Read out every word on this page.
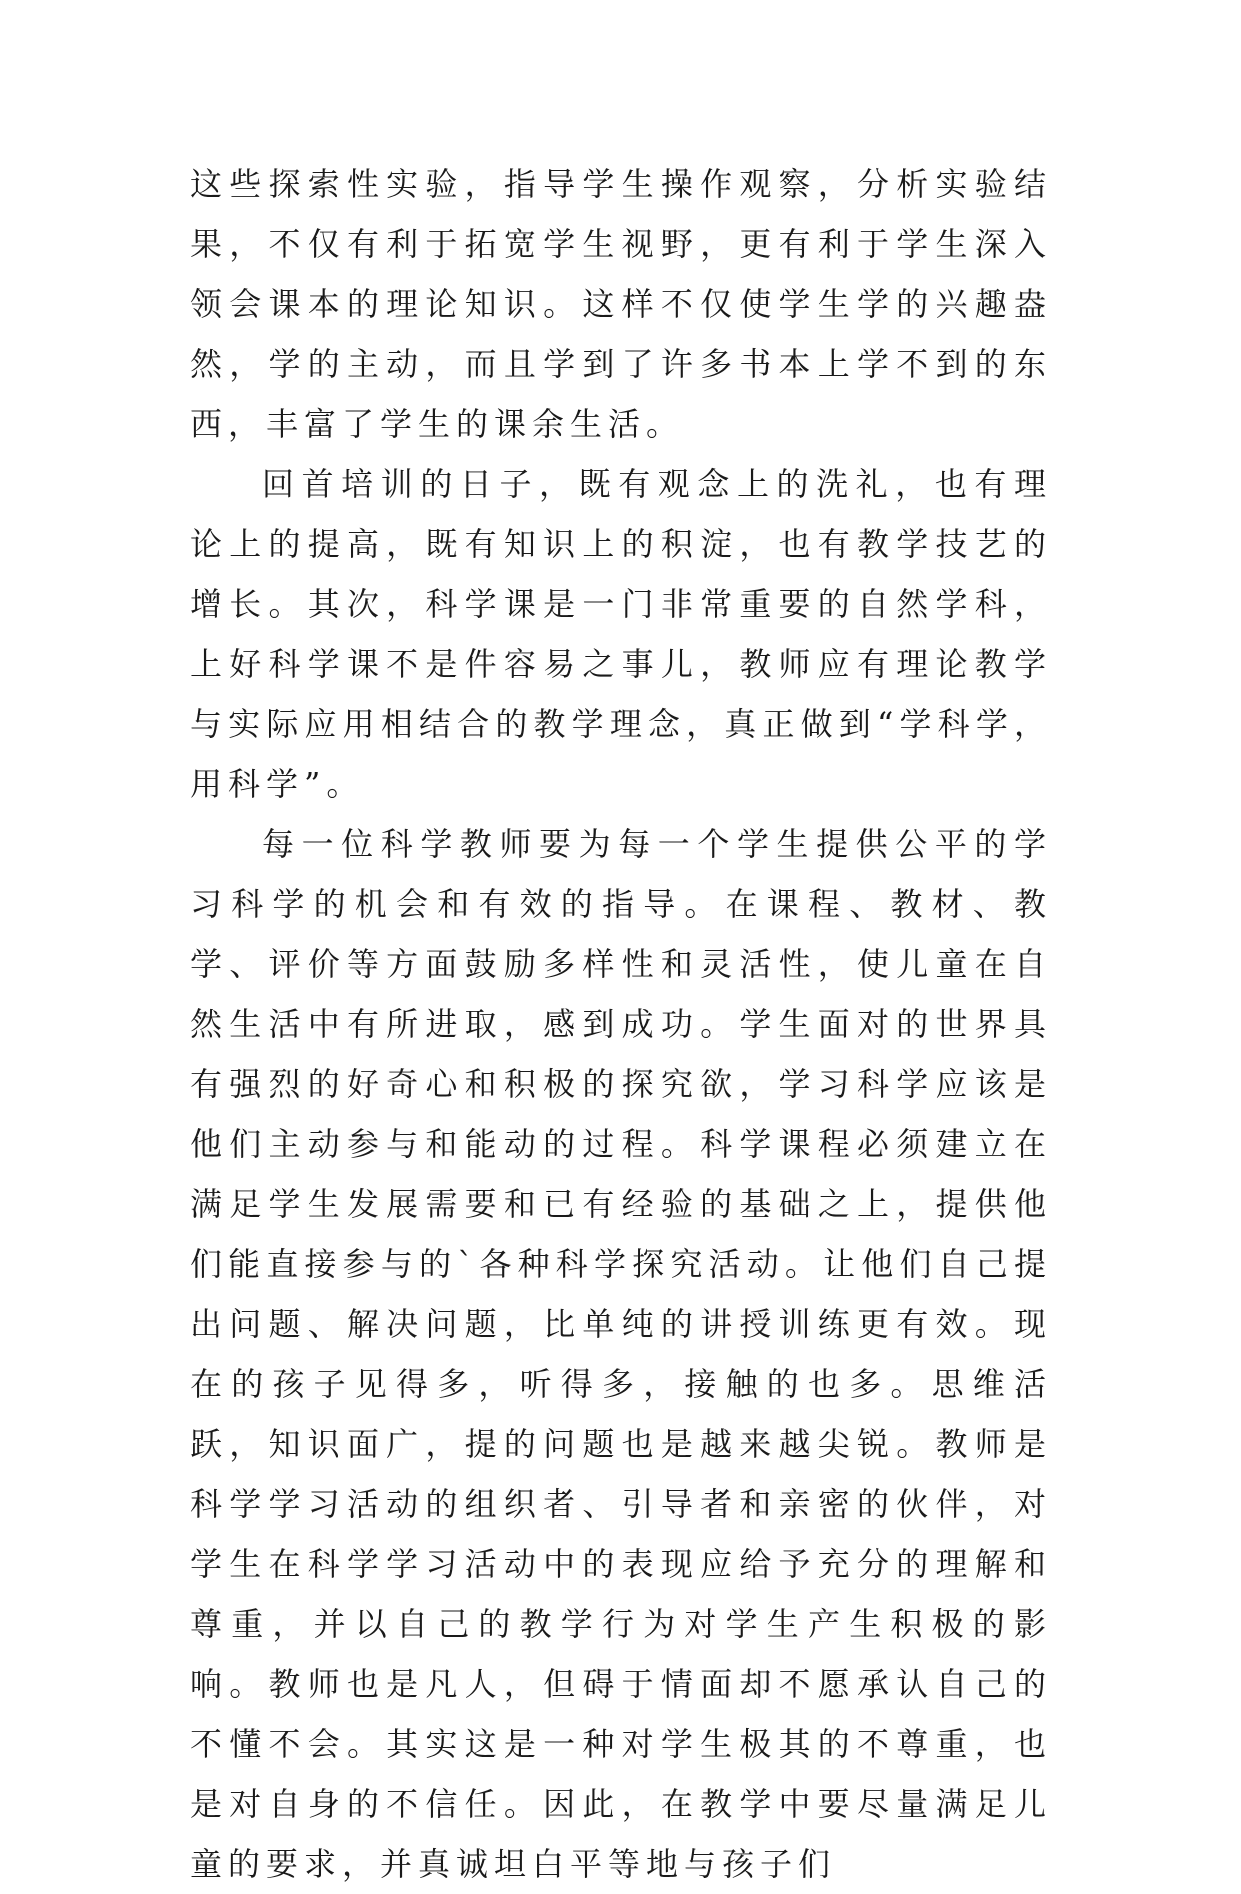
这些探索性实验，指导学生操作观察，分析实验结果，不仅有利于拓宽学生视野，更有利于学生深入领会课本的理论知识。这样不仅使学生学的兴趣盎然，学的主动，而且学到了许多书本上学不到的东西，丰富了学生的课余生活。

回首培训的日子，既有观念上的洗礼，也有理论上的提高，既有知识上的积淀，也有教学技艺的增长。其次，科学课是一门非常重要的自然学科，上好科学课不是件容易之事儿，教师应有理论教学与实际应用相结合的教学理念，真正做到“学科学，用科学”。

每一位科学教师要为每一个学生提供公平的学习科学的机会和有效的指导。在课程、教材、教学、评价等方面鼓励多样性和灵活性，使儿童在自然生活中有所进取，感到成功。学生面对的世界具有强烈的好奇心和积极的探究欲，学习科学应该是他们主动参与和能动的过程。科学课程必须建立在满足学生发展需要和已有经验的基础之上，提供他们能直接参与的`各种科学探究活动。让他们自己提出问题、解决问题，比单纯的讲授训练更有效。现在的孩子见得多，听得多，接触的也多。思维活跃，知识面广，提的问题也是越来越尖锐。教师是科学学习活动的组织者、引导者和亲密的伙伴，对学生在科学学习活动中的表现应给予充分的理解和尊重，并以自己的教学行为对学生产生积极的影响。教师也是凡人，但碍于情面却不愿承认自己的不懂不会。其实这是一种对学生极其的不尊重，也是对自身的不信任。因此，在教学中要尽量满足儿童的要求，并真诚坦白平等地与孩子们
